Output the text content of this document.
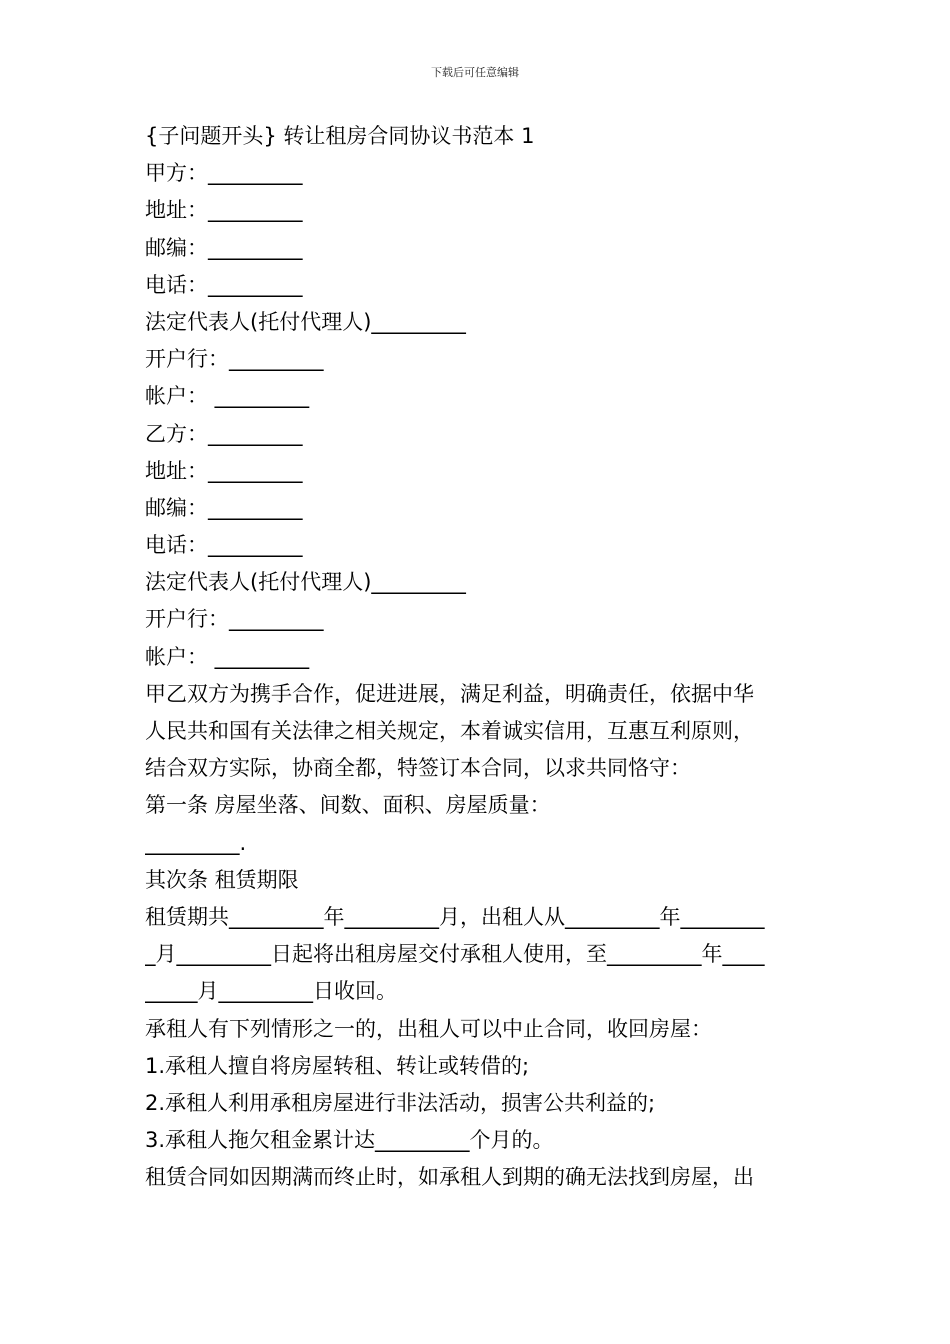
下载后可任意编辑
{子问题开头} 转让租房合同协议书范本 1
甲方：_________
地址：_________
邮编：_________
电话：_________
法定代表人(托付代理人)_________
开户行：_________
帐户： _________
乙方：_________
地址：_________
邮编：_________
电话：_________
法定代表人(托付代理人)_________
开户行：_________
帐户： _________
甲乙双方为携手合作，促进进展，满足利益，明确责任，依据中华
人民共和国有关法律之相关规定，本着诚实信用，互惠互利原则，
结合双方实际，协商全都，特签订本合同，以求共同恪守：
第一条 房屋坐落、间数、面积、房屋质量：
_________.
其次条 租赁期限
租赁期共_________年_________月，出租人从_________年________
_月_________日起将出租房屋交付承租人使用，至_________年____
_____月_________日收回。
承租人有下列情形之一的，出租人可以中止合同，收回房屋：
1.承租人擅自将房屋转租、转让或转借的;
2.承租人利用承租房屋进行非法活动，损害公共利益的;
3.承租人拖欠租金累计达_________个月的。
租赁合同如因期满而终止时，如承租人到期的确无法找到房屋，出
